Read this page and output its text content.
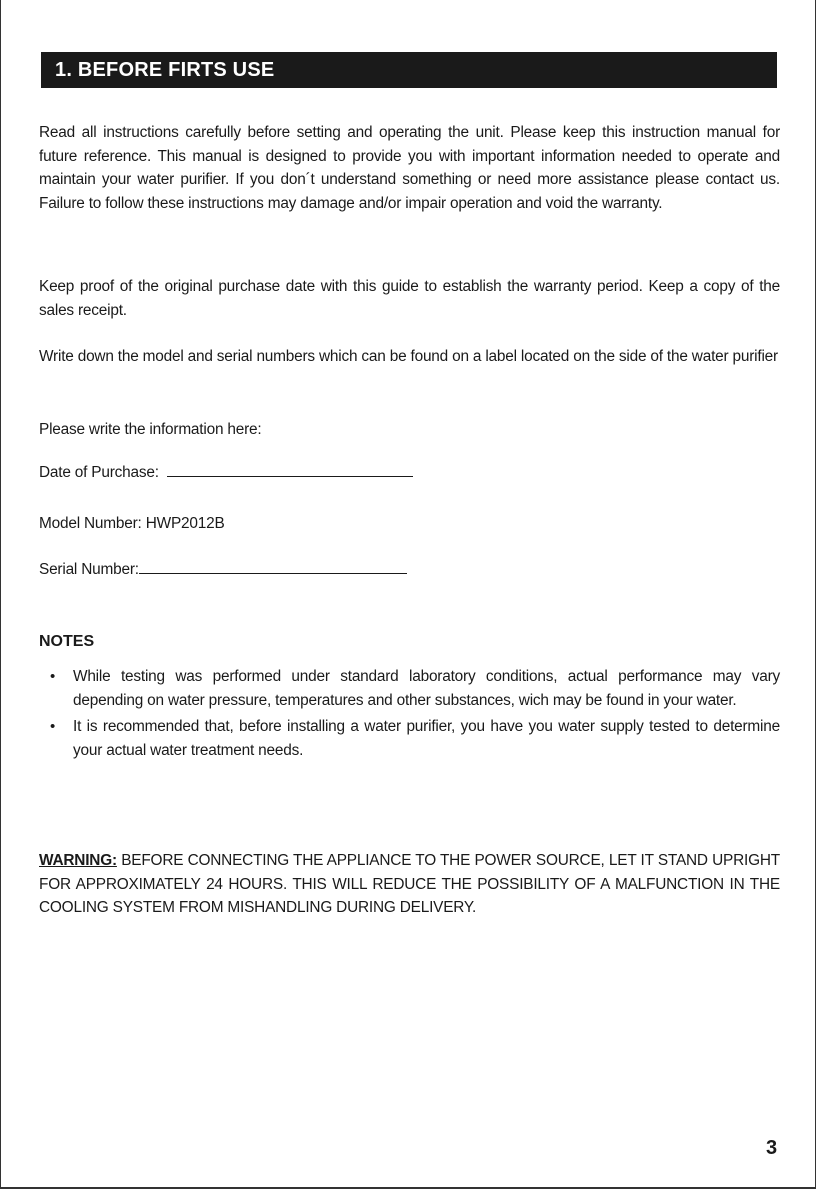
1. BEFORE FIRTS USE
Read all instructions carefully before setting and operating the unit. Please keep this instruction manual for future reference. This manual is designed to provide you with important information needed to operate and maintain your water purifier. If you don´t understand something or need more assistance please contact us. Failure to follow these instructions may damage and/or impair operation and void the warranty.
Keep proof of the original purchase date with this guide to establish the warranty period. Keep a copy of the sales receipt.
Write down the model and serial numbers which can be found on a label located on the side of the water purifier
Please write the information here:
Date of Purchase:
Model Number: HWP2012B
Serial Number:
NOTES
• While testing was performed under standard laboratory conditions, actual performance may vary depending on water pressure, temperatures and other substances, wich may be found in your water.
• It is recommended that, before installing a water purifier, you have you water supply tested to determine your actual water treatment needs.
WARNING: BEFORE CONNECTING THE APPLIANCE TO THE POWER SOURCE, LET IT STAND UPRIGHT FOR APPROXIMATELY 24 HOURS. THIS WILL REDUCE THE POSSIBILITY OF A MALFUNCTION IN THE COOLING SYSTEM FROM MISHANDLING DURING DELIVERY.
3
